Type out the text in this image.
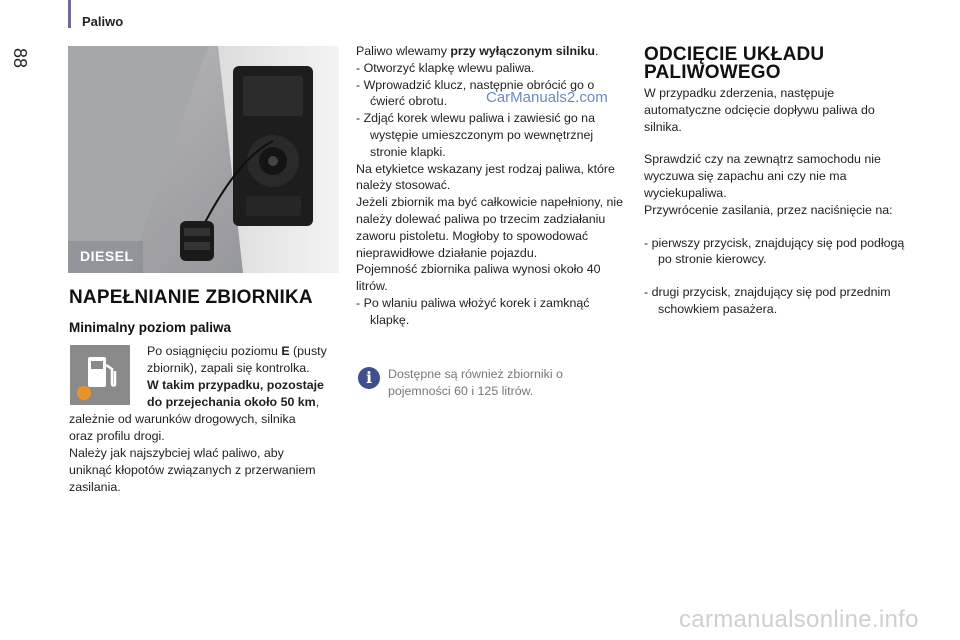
Paliwo
88
DIESEL
NAPEŁNIANIE ZBIORNIKA
Minimalny poziom paliwa
Po osiągnięciu poziomu E (pusty
zbiornik), zapali się kontrolka.
W takim przypadku, pozostaje
do przejechania około 50 km,
zależnie od warunków drogowych, silnika
oraz profilu drogi.
Należy jak najszybciej wlać paliwo, aby
uniknąć kłopotów związanych z przerwaniem
zasilania.
Paliwo wlewamy przy wyłączonym silniku.
- Otworzyć klapkę wlewu paliwa.
- Wprowadzić klucz, następnie obrócić go o ćwierć obrotu.
- Zdjąć korek wlewu paliwa i zawiesić go na występie umieszczonym po wewnętrznej stronie klapki.
Na etykietce wskazany jest rodzaj paliwa, które należy stosować.
Jeżeli zbiornik ma być całkowicie napełniony, nie należy dolewać paliwa po trzecim zadziałaniu zaworu pistoletu. Mogłoby to spowodować nieprawidłowe działanie pojazdu.
Pojemność zbiornika paliwa wynosi około 40 litrów.
- Po wlaniu paliwa włożyć korek i zamknąć klapkę.
i	Dostępne są również zbiorniki o pojemności 60 i 125 litrów.
ODCIĘCIE UKŁADU
PALIWOWEGO
W przypadku zderzenia, następuje automatyczne odcięcie dopływu paliwa do silnika.
Sprawdzić czy na zewnątrz samochodu nie wyczuwa się zapachu ani czy nie ma wyciekupaliwa.
Przywrócenie zasilania, przez naciśnięcie na:
- pierwszy przycisk, znajdujący się pod podłogą po stronie kierowcy.
- drugi przycisk, znajdujący się pod przednim schowkiem pasażera.
CarManuals2.com
carmanualsonline.info
